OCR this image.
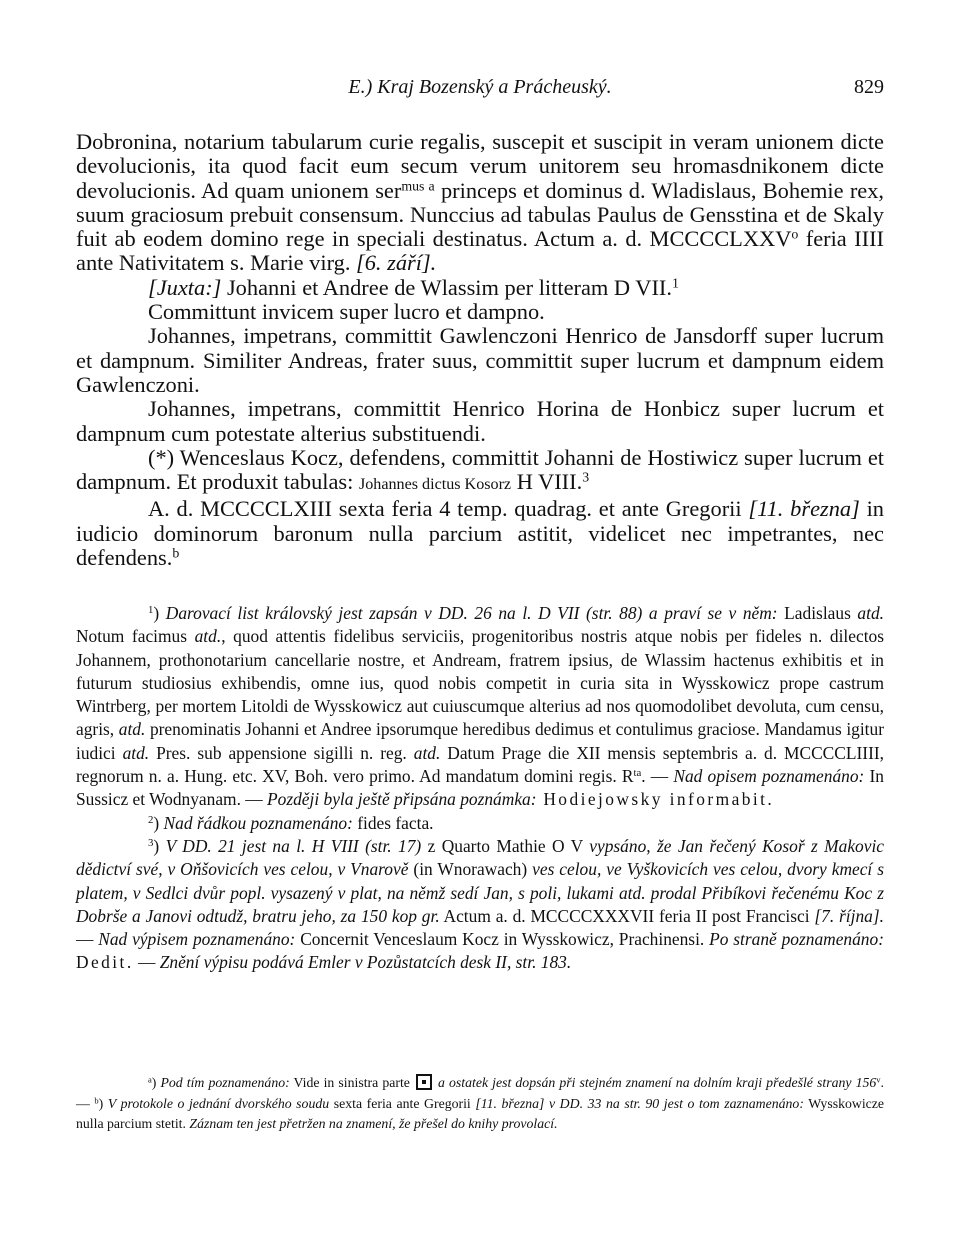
E.) Kraj Bozenský a Prácheuský.	829

Dobronina, notarium tabularum curie regalis, suscepit et suscipit in veram unionem dicte devolucionis, ita quod facit eum secum verum unitorem seu hromasdnikonem dicte devolucionis. Ad quam unionem ser$^{mus a}$ princeps et dominus d. Wladislaus, Bohemie rex, suum graciosum prebuit consensum. Nunccius ad tabulas Paulus de Gensstina et de Skaly fuit ab eodem domino rege in speciali destinatus. Actum a. d. MCCCCLXXV$^o$ feria IIII ante Nativitatem s. Marie virg. [6. září].

[Juxta:] Johanni et Andree de Wlassim per litteram D VII.$^1$

Committunt invicem super lucro et dampno.

Johannes, impetrans, committit Gawlenczoni Henrico de Jansdorff super lucrum et dampnum. Similiter Andreas, frater suus, committit super lucrum et dampnum eidem Gawlenczoni.

Johannes, impetrans, committit Henrico Horina de Honbicz super lucrum et dampnum cum potestate alterius substituendi.

(*) Wenceslaus Kocz, defendens, committit Johanni de Hostiwicz super lucrum et dampnum. Et produxit tabulas: Johannes dictus Kosorz H VIII.$^3$

A. d. MCCCCLXIII sexta feria 4 temp. quadrag. et ante Gregorii [11. března] in iudicio dominorum baronum nulla parcium astitit, videlicet nec impetrantes, nec defendens.$^b$

$^1$) Darovací list královský jest zapsán v DD. 26 na l. D VII (str. 88) a praví se v něm: Ladislaus atd. Notum facimus atd., quod attentis fidelibus serviciis, progenitoribus nostris atque nobis per fideles n. dilectos Johannem, prothonotarium cancellarie nostre, et Andream, fratrem ipsius, de Wlassim hactenus exhibitis et in futurum studiosius exhibendis, omne ius, quod nobis competit in curia sita in Wysskowicz prope castrum Wintrberg, per mortem Litoldi de Wysskowicz aut cuiuscumque alterius ad nos quomodolibet devoluta, cum censu, agris, atd. prenominatis Johanni et Andree ipsorumque heredibus dedimus et contulimus graciose. Mandamus igitur iudici atd. Pres. sub appensione sigilli n. reg. atd. Datum Prage die XII mensis septembris a. d. MCCCCLIIII, regnorum n. a. Hung. etc. XV, Boh. vero primo. Ad mandatum domini regis. $R^{ta}$. — Nad opisem poznamenáno: In Sussicz et Wodnyanam. — Později byla ještě připsána poznámka: Hodiejowsky informabit.

$^2$) Nad řádkou poznamenáno: fides facta.

$^3$) V DD. 21 jest na l. H VIII (str. 17) z Quarto Mathie O V vypsáno, že Jan řečený Kosoř z Makovic dědictví své, v Oňšovicích ves celou, v Vnarově (in Wnorawach) ves celou, ve Vyškovicích ves celou, dvory kmecí s platem, v Sedlci dvůr popl. vysazený v plat, na němž sedí Jan, s poli, lukami atd. prodal Přibíkovi řečenému Koc z Dobrše a Janovi odtudž, bratru jeho, za 150 kop gr. Actum a. d. MCCCCXXXVII feria II post Francisci [7. října]. — Nad výpisem poznamenáno: Concernit Venceslaum Kocz in Wysskowicz, Prachinensi. Po straně poznamenáno: Dedit. — Znění výpisu podává Emler v Pozůstatcích desk II, str. 183.

$^a$) Pod tím poznamenáno: Vide in sinistra parte  a ostatek jest dopsán při stejném znamení na dolním kraji předešlé strany 156$^v$. — $^b$) V protokole o jednání dvorského soudu sexta feria ante Gregorii [11. března] v DD. 33 na str. 90 jest o tom zaznamenáno: Wysskowicze nulla parcium stetit. Záznam ten jest přetržen na znamení, že přešel do knihy provolací.
